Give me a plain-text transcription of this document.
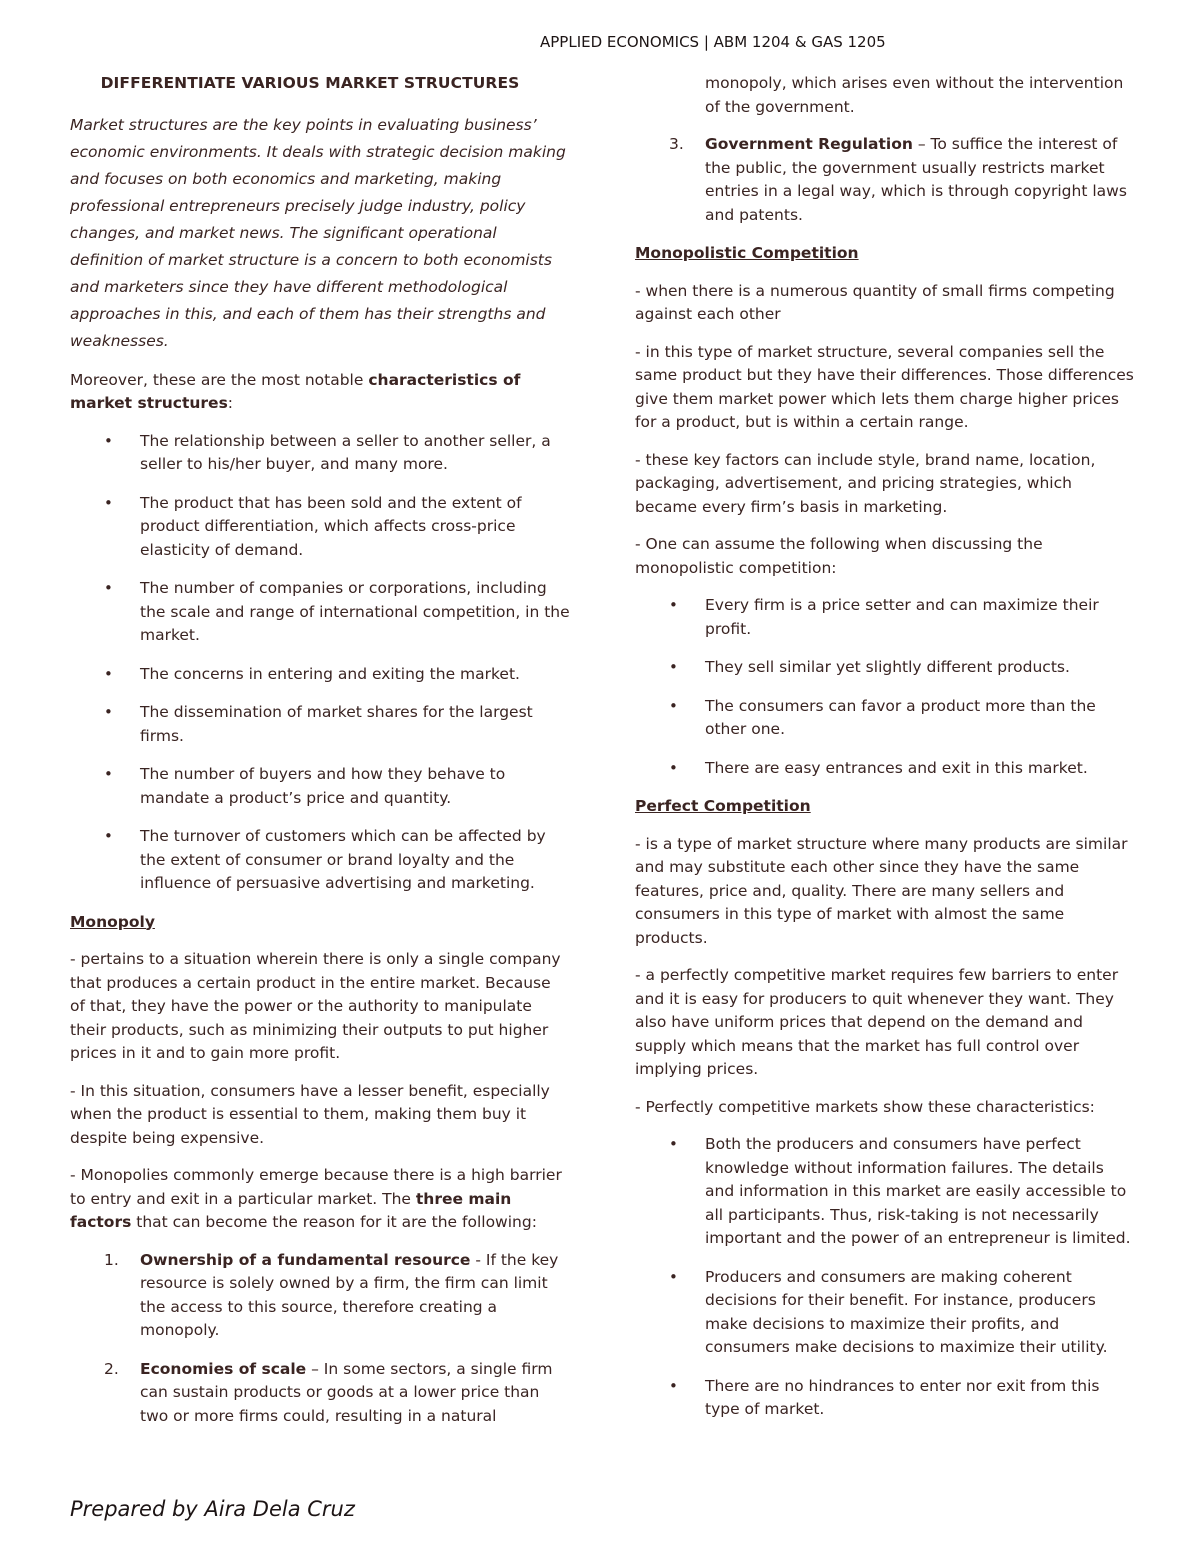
APPLIED ECONOMICS | ABM 1204 & GAS 1205

DIFFERENTIATE VARIOUS MARKET STRUCTURES

Market structures are the key points in evaluating business’ economic environments. It deals with strategic decision making and focuses on both economics and marketing, making professional entrepreneurs precisely judge industry, policy changes, and market news. The significant operational definition of market structure is a concern to both economists and marketers since they have different methodological approaches in this, and each of them has their strengths and weaknesses.

Moreover, these are the most notable characteristics of market structures:

• The relationship between a seller to another seller, a seller to his/her buyer, and many more.
• The product that has been sold and the extent of product differentiation, which affects cross-price elasticity of demand.
• The number of companies or corporations, including the scale and range of international competition, in the market.
• The concerns in entering and exiting the market.
• The dissemination of market shares for the largest firms.
• The number of buyers and how they behave to mandate a product’s price and quantity.
• The turnover of customers which can be affected by the extent of consumer or brand loyalty and the influence of persuasive advertising and marketing.

Monopoly

- pertains to a situation wherein there is only a single company that produces a certain product in the entire market. Because of that, they have the power or the authority to manipulate their products, such as minimizing their outputs to put higher prices in it and to gain more profit.

- In this situation, consumers have a lesser benefit, especially when the product is essential to them, making them buy it despite being expensive.

- Monopolies commonly emerge because there is a high barrier to entry and exit in a particular market. The three main factors that can become the reason for it are the following:

1. Ownership of a fundamental resource - If the key resource is solely owned by a firm, the firm can limit the access to this source, therefore creating a monopoly.
2. Economies of scale – In some sectors, a single firm can sustain products or goods at a lower price than two or more firms could, resulting in a natural

monopoly, which arises even without the intervention of the government.

3. Government Regulation – To suffice the interest of the public, the government usually restricts market entries in a legal way, which is through copyright laws and patents.

Monopolistic Competition

- when there is a numerous quantity of small firms competing against each other

- in this type of market structure, several companies sell the same product but they have their differences. Those differences give them market power which lets them charge higher prices for a product, but is within a certain range.

- these key factors can include style, brand name, location, packaging, advertisement, and pricing strategies, which became every firm’s basis in marketing.

- One can assume the following when discussing the monopolistic competition:

• Every firm is a price setter and can maximize their profit.
• They sell similar yet slightly different products.
• The consumers can favor a product more than the other one.
• There are easy entrances and exit in this market.

Perfect Competition

- is a type of market structure where many products are similar and may substitute each other since they have the same features, price and, quality. There are many sellers and consumers in this type of market with almost the same products.

- a perfectly competitive market requires few barriers to enter and it is easy for producers to quit whenever they want. They also have uniform prices that depend on the demand and supply which means that the market has full control over implying prices.

- Perfectly competitive markets show these characteristics:

• Both the producers and consumers have perfect knowledge without information failures. The details and information in this market are easily accessible to all participants. Thus, risk-taking is not necessarily important and the power of an entrepreneur is limited.
• Producers and consumers are making coherent decisions for their benefit. For instance, producers make decisions to maximize their profits, and consumers make decisions to maximize their utility.
• There are no hindrances to enter nor exit from this type of market.
Prepared by Aira Dela Cruz
